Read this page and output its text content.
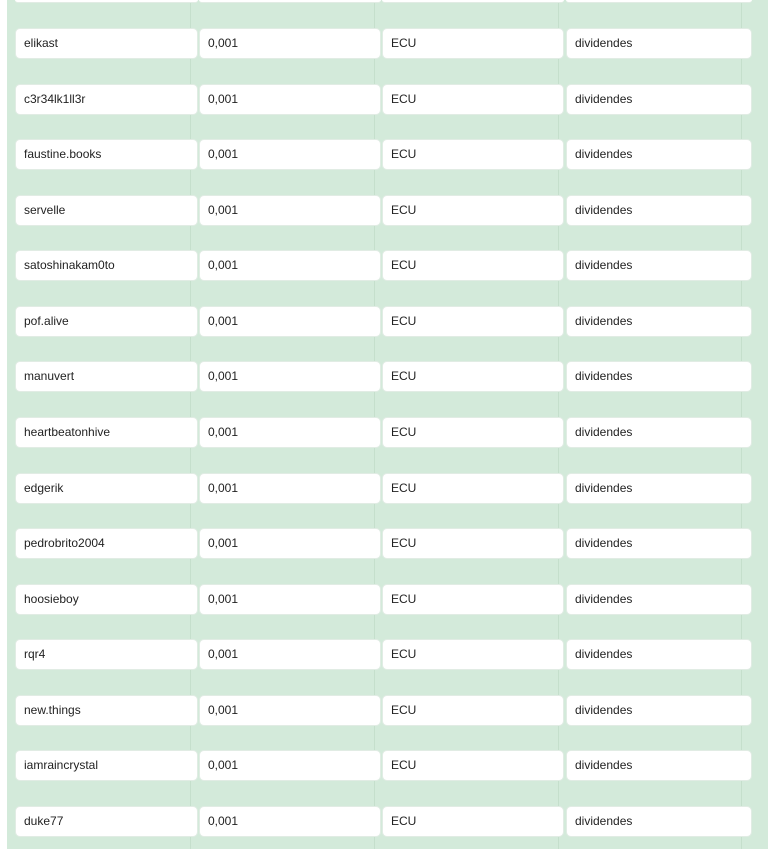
elikast	0,001	ECU	dividendes
c3r34lk1ll3r	0,001	ECU	dividendes
faustine.books	0,001	ECU	dividendes
servelle	0,001	ECU	dividendes
satoshinakam0to	0,001	ECU	dividendes
pof.alive	0,001	ECU	dividendes
manuvert	0,001	ECU	dividendes
heartbeatonhive	0,001	ECU	dividendes
edgerik	0,001	ECU	dividendes
pedrobrito2004	0,001	ECU	dividendes
hoosieboy	0,001	ECU	dividendes
rqr4	0,001	ECU	dividendes
new.things	0,001	ECU	dividendes
iamraincrystal	0,001	ECU	dividendes
duke77	0,001	ECU	dividendes
